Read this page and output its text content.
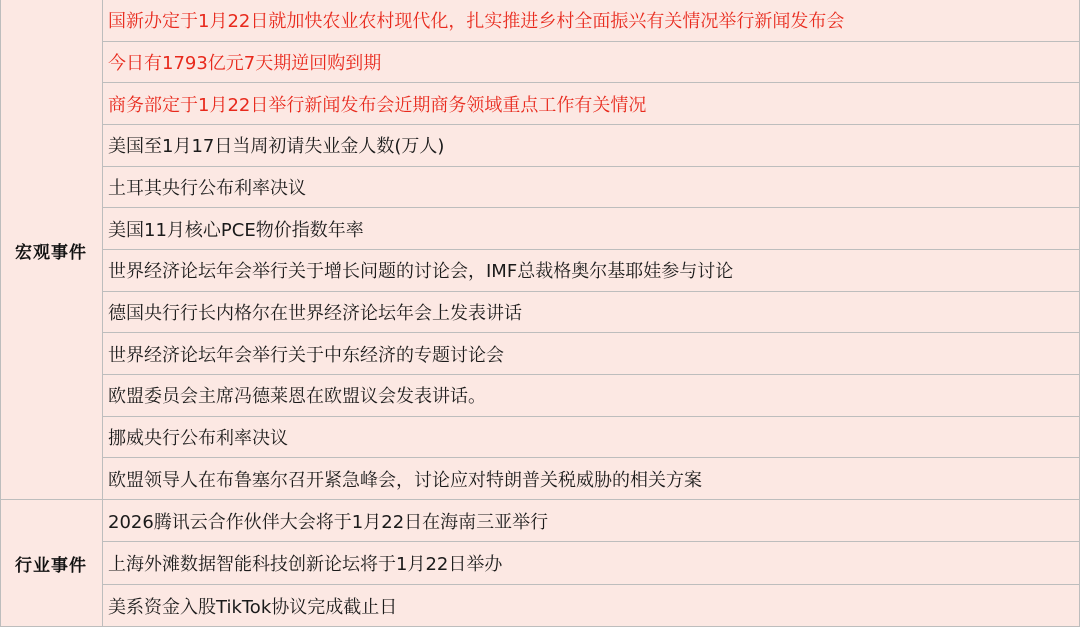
宏观事件
国新办定于1月22日就加快农业农村现代化，扎实推进乡村全面振兴有关情况举行新闻发布会
今日有1793亿元7天期逆回购到期
商务部定于1月22日举行新闻发布会近期商务领域重点工作有关情况
美国至1月17日当周初请失业金人数(万人)
土耳其央行公布利率决议
美国11月核心PCE物价指数年率
世界经济论坛年会举行关于增长问题的讨论会，IMF总裁格奥尔基耶娃参与讨论
德国央行行长内格尔在世界经济论坛年会上发表讲话
世界经济论坛年会举行关于中东经济的专题讨论会
欧盟委员会主席冯德莱恩在欧盟议会发表讲话。
挪威央行公布利率决议
欧盟领导人在布鲁塞尔召开紧急峰会，讨论应对特朗普关税威胁的相关方案
行业事件
2026腾讯云合作伙伴大会将于1月22日在海南三亚举行
上海外滩数据智能科技创新论坛将于1月22日举办
美系资金入股TikTok协议完成截止日
